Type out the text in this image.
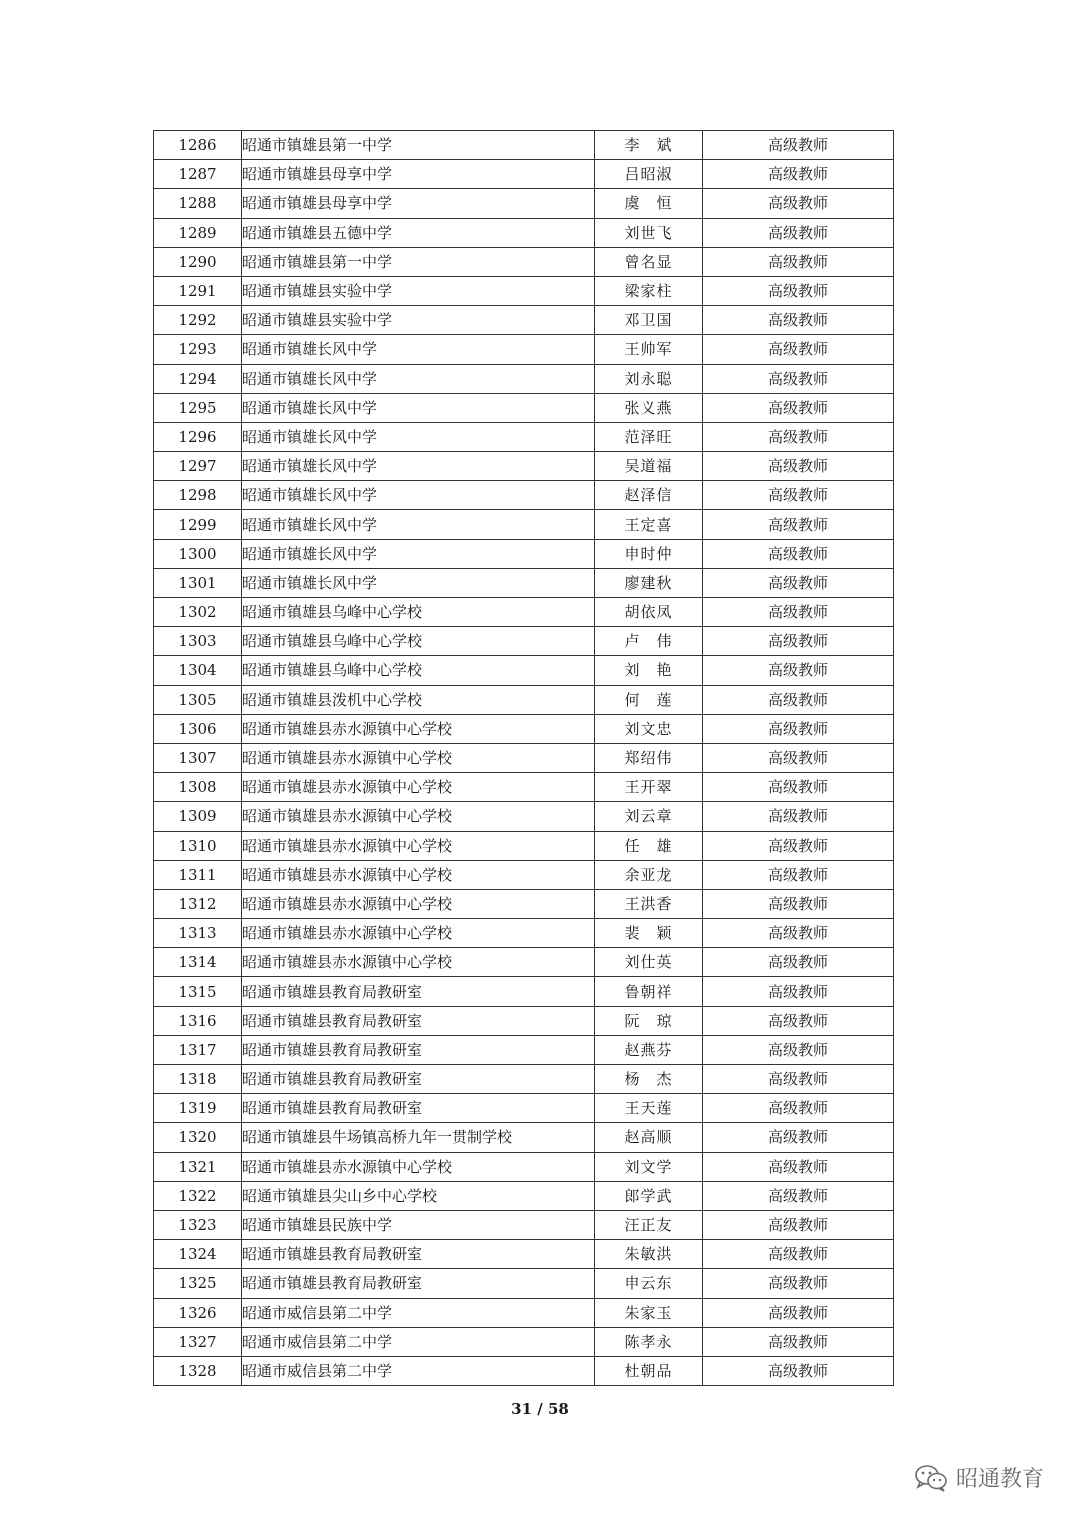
1286	昭通市镇雄县第一中学	李　斌	高级教师
1287	昭通市镇雄县母享中学	吕昭淑	高级教师
1288	昭通市镇雄县母享中学	虞　恒	高级教师
1289	昭通市镇雄县五德中学	刘世飞	高级教师
1290	昭通市镇雄县第一中学	曾名显	高级教师
1291	昭通市镇雄县实验中学	梁家柱	高级教师
1292	昭通市镇雄县实验中学	邓卫国	高级教师
1293	昭通市镇雄长风中学	王帅军	高级教师
1294	昭通市镇雄长风中学	刘永聪	高级教师
1295	昭通市镇雄长风中学	张义燕	高级教师
1296	昭通市镇雄长风中学	范泽旺	高级教师
1297	昭通市镇雄长风中学	吴道福	高级教师
1298	昭通市镇雄长风中学	赵泽信	高级教师
1299	昭通市镇雄长风中学	王定喜	高级教师
1300	昭通市镇雄长风中学	申时仲	高级教师
1301	昭通市镇雄长风中学	廖建秋	高级教师
1302	昭通市镇雄县乌峰中心学校	胡依凤	高级教师
1303	昭通市镇雄县乌峰中心学校	卢　伟	高级教师
1304	昭通市镇雄县乌峰中心学校	刘　艳	高级教师
1305	昭通市镇雄县泼机中心学校	何　莲	高级教师
1306	昭通市镇雄县赤水源镇中心学校	刘文忠	高级教师
1307	昭通市镇雄县赤水源镇中心学校	郑绍伟	高级教师
1308	昭通市镇雄县赤水源镇中心学校	王开翠	高级教师
1309	昭通市镇雄县赤水源镇中心学校	刘云章	高级教师
1310	昭通市镇雄县赤水源镇中心学校	任　雄	高级教师
1311	昭通市镇雄县赤水源镇中心学校	余亚龙	高级教师
1312	昭通市镇雄县赤水源镇中心学校	王洪香	高级教师
1313	昭通市镇雄县赤水源镇中心学校	裴　颖	高级教师
1314	昭通市镇雄县赤水源镇中心学校	刘仕英	高级教师
1315	昭通市镇雄县教育局教研室	鲁朝祥	高级教师
1316	昭通市镇雄县教育局教研室	阮　琼	高级教师
1317	昭通市镇雄县教育局教研室	赵燕芬	高级教师
1318	昭通市镇雄县教育局教研室	杨　杰	高级教师
1319	昭通市镇雄县教育局教研室	王天莲	高级教师
1320	昭通市镇雄县牛场镇高桥九年一贯制学校	赵高顺	高级教师
1321	昭通市镇雄县赤水源镇中心学校	刘文学	高级教师
1322	昭通市镇雄县尖山乡中心学校	郎学武	高级教师
1323	昭通市镇雄县民族中学	汪正友	高级教师
1324	昭通市镇雄县教育局教研室	朱敏洪	高级教师
1325	昭通市镇雄县教育局教研室	申云东	高级教师
1326	昭通市威信县第二中学	朱家玉	高级教师
1327	昭通市威信县第二中学	陈孝永	高级教师
1328	昭通市威信县第二中学	杜朝品	高级教师
31 / 58
昭通教育
